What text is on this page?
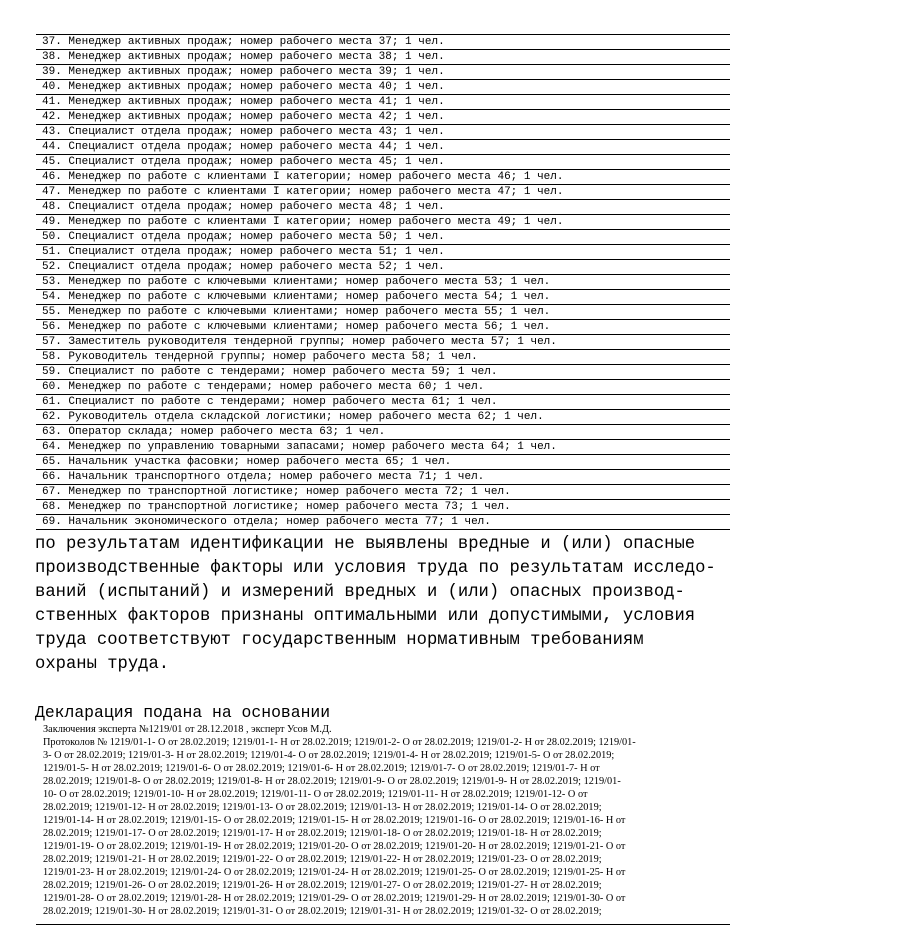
37. Менеджер активных продаж; номер рабочего места 37; 1 чел.
38. Менеджер активных продаж; номер рабочего места 38; 1 чел.
39. Менеджер активных продаж; номер рабочего места 39; 1 чел.
40. Менеджер активных продаж; номер рабочего места 40; 1 чел.
41. Менеджер активных продаж; номер рабочего места 41; 1 чел.
42. Менеджер активных продаж; номер рабочего места 42; 1 чел.
43. Специалист отдела продаж; номер рабочего места 43; 1 чел.
44. Специалист отдела продаж; номер рабочего места 44; 1 чел.
45. Специалист отдела продаж; номер рабочего места 45; 1 чел.
46. Менеджер по работе с клиентами I категории; номер рабочего места 46; 1 чел.
47. Менеджер по работе с клиентами I категории; номер рабочего места 47; 1 чел.
48. Специалист отдела продаж; номер рабочего места 48; 1 чел.
49. Менеджер по работе с клиентами I категории; номер рабочего места 49; 1 чел.
50. Специалист отдела продаж; номер рабочего места 50; 1 чел.
51. Специалист отдела продаж; номер рабочего места 51; 1 чел.
52. Специалист отдела продаж; номер рабочего места 52; 1 чел.
53. Менеджер по работе с ключевыми клиентами; номер рабочего места 53; 1 чел.
54. Менеджер по работе с ключевыми клиентами; номер рабочего места 54; 1 чел.
55. Менеджер по работе с ключевыми клиентами; номер рабочего места 55; 1 чел.
56. Менеджер по работе с ключевыми клиентами; номер рабочего места 56; 1 чел.
57. Заместитель руководителя тендерной группы; номер рабочего места 57; 1 чел.
58. Руководитель тендерной группы; номер рабочего места 58; 1 чел.
59. Специалист по работе с тендерами; номер рабочего места 59; 1 чел.
60. Менеджер по работе с тендерами; номер рабочего места 60; 1 чел.
61. Специалист по работе с тендерами; номер рабочего места 61; 1 чел.
62. Руководитель отдела складской логистики; номер рабочего места 62; 1 чел.
63. Оператор склада; номер рабочего места 63; 1 чел.
64. Менеджер по управлению товарными запасами; номер рабочего места 64; 1 чел.
65. Начальник участка фасовки; номер рабочего места 65; 1 чел.
66. Начальник транспортного отдела; номер рабочего места 71; 1 чел.
67. Менеджер по транспортной логистике; номер рабочего места 72; 1 чел.
68. Менеджер по транспортной логистике; номер рабочего места 73; 1 чел.
69. Начальник экономического отдела; номер рабочего места 77; 1 чел.
по результатам идентификации не выявлены вредные и (или) опасные
производственные факторы или условия труда по результатам исследо-
ваний (испытаний) и измерений вредных и (или) опасных производ-
ственных факторов признаны оптимальными или допустимыми, условия
труда соответствуют государственным нормативным требованиям
охраны труда.
Декларация подана на основании
Заключения эксперта №1219/01 от 28.12.2018 , эксперт Усов М.Д.
Протоколов № 1219/01-1- О от 28.02.2019; 1219/01-1- Н от 28.02.2019; 1219/01-2- О от 28.02.2019; 1219/01-2- Н от 28.02.2019; 1219/01-
3- О от 28.02.2019; 1219/01-3- Н от 28.02.2019; 1219/01-4- О от 28.02.2019; 1219/01-4- Н от 28.02.2019; 1219/01-5- О от 28.02.2019;
1219/01-5- Н от 28.02.2019; 1219/01-6- О от 28.02.2019; 1219/01-6- Н от 28.02.2019; 1219/01-7- О от 28.02.2019; 1219/01-7- Н от
28.02.2019; 1219/01-8- О от 28.02.2019; 1219/01-8- Н от 28.02.2019; 1219/01-9- О от 28.02.2019; 1219/01-9- Н от 28.02.2019; 1219/01-
10- О от 28.02.2019; 1219/01-10- Н от 28.02.2019; 1219/01-11- О от 28.02.2019; 1219/01-11- Н от 28.02.2019; 1219/01-12- О от
28.02.2019; 1219/01-12- Н от 28.02.2019; 1219/01-13- О от 28.02.2019; 1219/01-13- Н от 28.02.2019; 1219/01-14- О от 28.02.2019;
1219/01-14- Н от 28.02.2019; 1219/01-15- О от 28.02.2019; 1219/01-15- Н от 28.02.2019; 1219/01-16- О от 28.02.2019; 1219/01-16- Н от
28.02.2019; 1219/01-17- О от 28.02.2019; 1219/01-17- Н от 28.02.2019; 1219/01-18- О от 28.02.2019; 1219/01-18- Н от 28.02.2019;
1219/01-19- О от 28.02.2019; 1219/01-19- Н от 28.02.2019; 1219/01-20- О от 28.02.2019; 1219/01-20- Н от 28.02.2019; 1219/01-21- О от
28.02.2019; 1219/01-21- Н от 28.02.2019; 1219/01-22- О от 28.02.2019; 1219/01-22- Н от 28.02.2019; 1219/01-23- О от 28.02.2019;
1219/01-23- Н от 28.02.2019; 1219/01-24- О от 28.02.2019; 1219/01-24- Н от 28.02.2019; 1219/01-25- О от 28.02.2019; 1219/01-25- Н от
28.02.2019; 1219/01-26- О от 28.02.2019; 1219/01-26- Н от 28.02.2019; 1219/01-27- О от 28.02.2019; 1219/01-27- Н от 28.02.2019;
1219/01-28- О от 28.02.2019; 1219/01-28- Н от 28.02.2019; 1219/01-29- О от 28.02.2019; 1219/01-29- Н от 28.02.2019; 1219/01-30- О от
28.02.2019; 1219/01-30- Н от 28.02.2019; 1219/01-31- О от 28.02.2019; 1219/01-31- Н от 28.02.2019; 1219/01-32- О от 28.02.2019;
